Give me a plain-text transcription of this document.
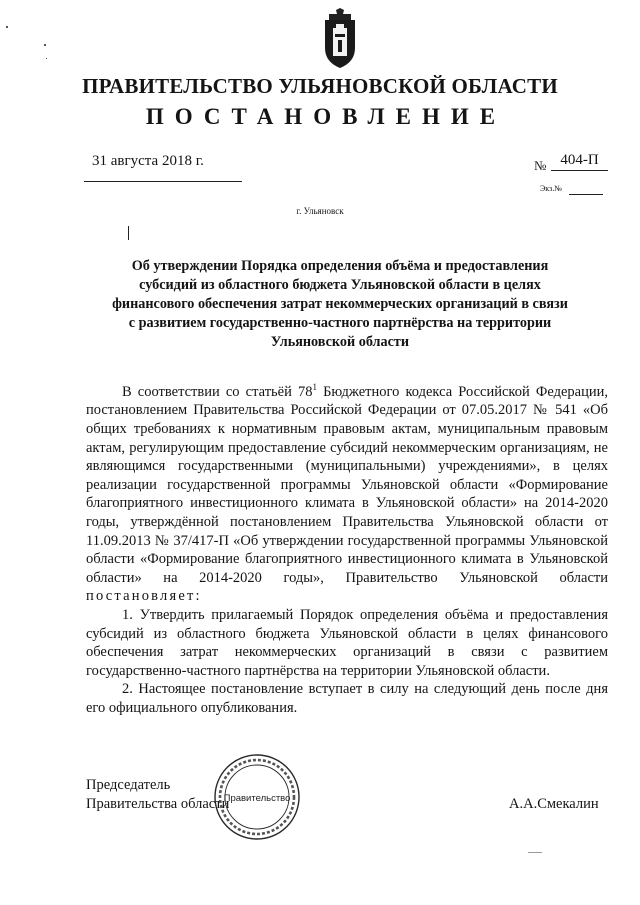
ПРАВИТЕЛЬСТВО УЛЬЯНОВСКОЙ ОБЛАСТИ
ПОСТАНОВЛЕНИЕ
31 августа 2018 г.	№ 404-П
Экз.№
г. Ульяновск
Об утверждении Порядка определения объёма и предоставления
субсидий из областного бюджета Ульяновской области в целях
финансового обеспечения затрат некоммерческих организаций в связи
с развитием государственно-частного партнёрства на территории
Ульяновской области

В соответствии со статьёй $78^1$ Бюджетного кодекса Российской Федерации, постановлением Правительства Российской Федерации от 07.05.2017 № 541 «Об общих требованиях к нормативным правовым актам, муниципальным правовым актам, регулирующим предоставление субсидий некоммерческим организациям, не являющимся государственными (муниципальными) учреждениями», в целях реализации государственной программы Ульяновской области «Формирование благоприятного инвестиционного климата в Ульяновской области» на 2014-2020 годы, утверждённой постановлением Правительства Ульяновской области от 11.09.2013 № 37/417-П «Об утверждении государственной программы Ульяновской области «Формирование благоприятного инвестиционного климата в Ульяновской области» на 2014-2020 годы», Правительство Ульяновской области постановляет:

1. Утвердить прилагаемый Порядок определения объёма и предоставления субсидий из областного бюджета Ульяновской области в целях финансового обеспечения затрат некоммерческих организаций в связи с развитием государственно-частного партнёрства на территории Ульяновской области.

2. Настоящее постановление вступает в силу на следующий день после дня его официального опубликования.

Председатель
Правительства области
Правительство	А.А.Смекалин
